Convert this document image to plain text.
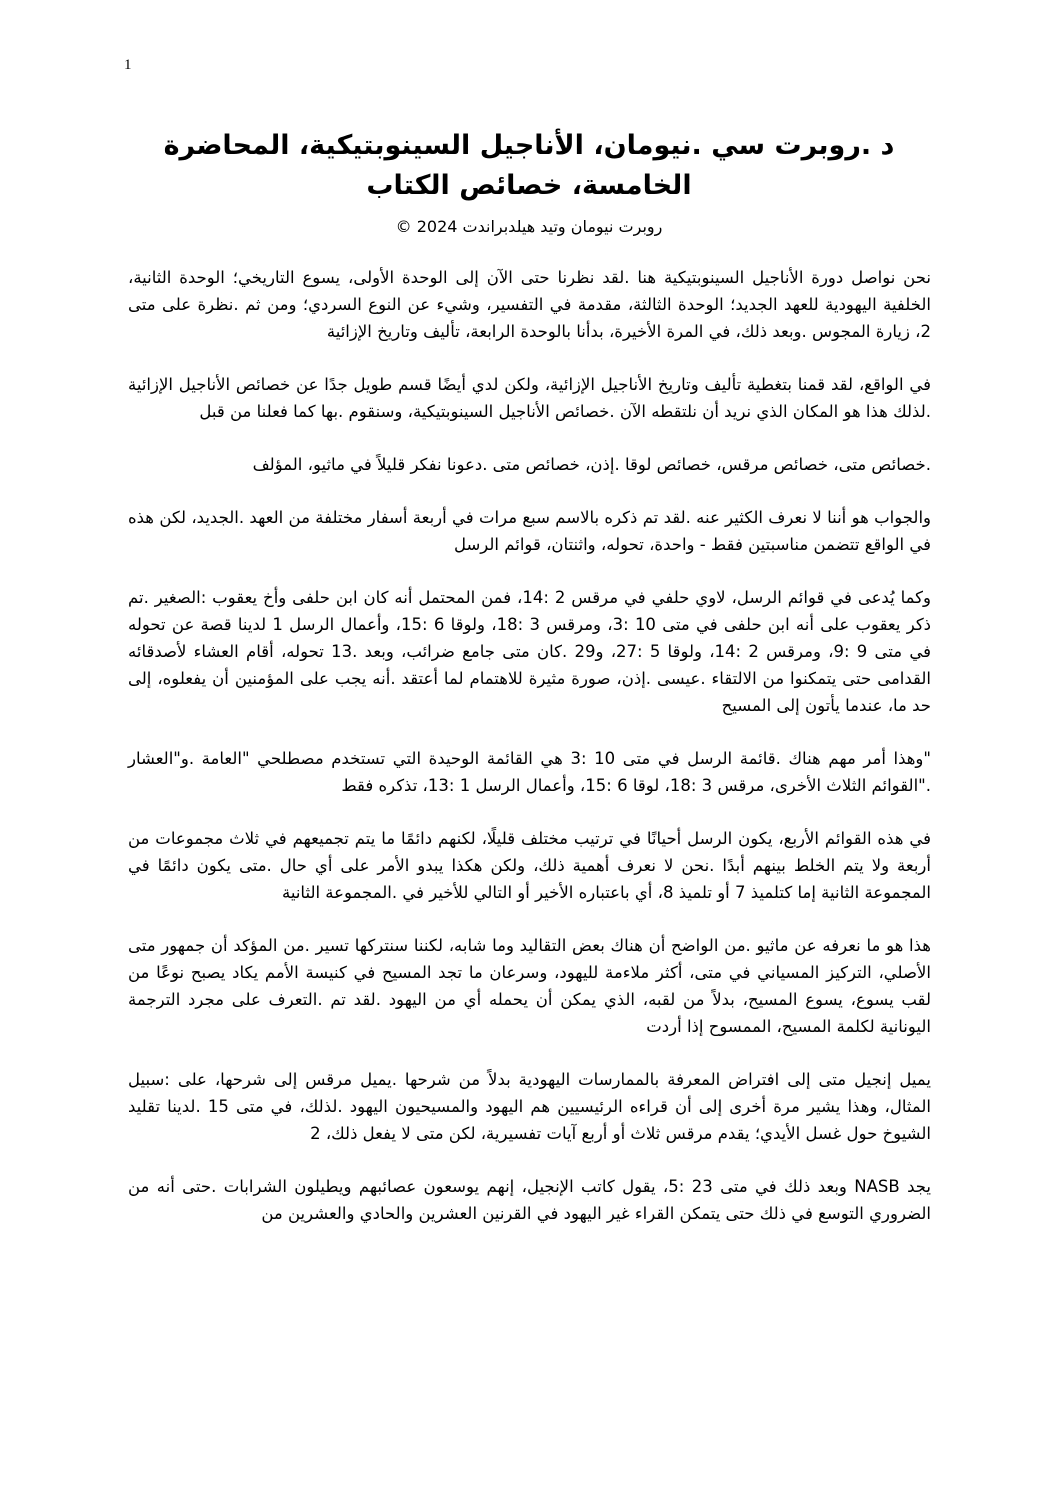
1
د .روبرت سي .نيومان، الأناجيل السينوبتيكية، المحاضرة
الخامسة، خصائص الكتاب
روبرت نيومان وتيد هيلدبراندت 2024 ©

نحن نواصل دورة الأناجيل السينوبتيكية هنا .لقد نظرنا حتى الآن إلى الوحدة الأولى، يسوع التاريخي؛ الوحدة الثانية، الخلفية اليهودية للعهد الجديد؛ الوحدة الثالثة، مقدمة في التفسير، وشيء عن النوع السردي؛ ومن ثم .نظرة على متى 2، زيارة المجوس .وبعد ذلك، في المرة الأخيرة، بدأنا بالوحدة الرابعة، تأليف وتاريخ الإزائية

في الواقع، لقد قمنا بتغطية تأليف وتاريخ الأناجيل الإزائية، ولكن لدي أيضًا قسم طويل جدًا عن خصائص الأناجيل الإزائية .لذلك هذا هو المكان الذي نريد أن نلتقطه الآن .خصائص الأناجيل السينوبتيكية، وسنقوم .بها كما فعلنا من قبل

.خصائص متى، خصائص مرقس، خصائص لوقا .إذن، خصائص متى .دعونا نفكر قليلاً في ماثيو، المؤلف

والجواب هو أننا لا نعرف الكثير عنه .لقد تم ذكره بالاسم سبع مرات في أربعة أسفار مختلفة من العهد .الجديد، لكن هذه في الواقع تتضمن مناسبتين فقط - واحدة، تحوله، واثنتان، قوائم الرسل

وكما يُدعى في قوائم الرسل، لاوي حلفي في مرقس 2 :14، فمن المحتمل أنه كان ابن حلفى وأخ يعقوب :الصغير .تم ذكر يعقوب على أنه ابن حلفى في متى 10 :3، ومرقس 3 :18، ولوقا 6 :15، وأعمال الرسل 1 لدينا قصة عن تحوله في متى 9 :9، ومرقس 2 :14، ولوقا 5 :27، و29 .كان متى جامع ضرائب، وبعد .13 تحوله، أقام العشاء لأصدقائه القدامى حتى يتمكنوا من الالتقاء .عيسى .إذن، صورة مثيرة للاهتمام لما أعتقد .أنه يجب على المؤمنين أن يفعلوه، إلى حد ما، عندما يأتون إلى المسيح

"وهذا أمر مهم هناك .قائمة الرسل في متى 10 :3 هي القائمة الوحيدة التي تستخدم مصطلحي "العامة .و"العشار ."القوائم الثلاث الأخرى، مرقس 3 :18، لوقا 6 :15، وأعمال الرسل 1 :13، تذكره فقط

في هذه القوائم الأربع، يكون الرسل أحيانًا في ترتيب مختلف قليلًا، لكنهم دائمًا ما يتم تجميعهم في ثلاث مجموعات من أربعة ولا يتم الخلط بينهم أبدًا .نحن لا نعرف أهمية ذلك، ولكن هكذا يبدو الأمر على أي حال .متى يكون دائمًا في المجموعة الثانية إما كتلميذ 7 أو تلميذ 8، أي باعتباره الأخير أو التالي للأخير في .المجموعة الثانية

هذا هو ما نعرفه عن ماثيو .من الواضح أن هناك بعض التقاليد وما شابه، لكننا سنتركها تسير .من المؤكد أن جمهور متى الأصلي، التركيز المسياني في متى، أكثر ملاءمة لليهود، وسرعان ما تجد المسيح في كنيسة الأمم يكاد يصبح نوعًا من لقب يسوع، يسوع المسيح، بدلاً من لقبه، الذي يمكن أن يحمله أي من اليهود .لقد تم .التعرف على مجرد الترجمة اليونانية لكلمة المسيح، الممسوح إذا أردت

يميل إنجيل متى إلى افتراض المعرفة بالممارسات اليهودية بدلاً من شرحها .يميل مرقس إلى شرحها، على :سبيل المثال، وهذا يشير مرة أخرى إلى أن قراءه الرئيسيين هم اليهود والمسيحيون اليهود .لذلك، في متى 15 .لدينا تقليد الشيوخ حول غسل الأيدي؛ يقدم مرقس ثلاث أو أربع آيات تفسيرية، لكن متى لا يفعل ذلك، 2

يجد NASB وبعد ذلك في متى 23 :5، يقول كاتب الإنجيل، إنهم يوسعون عصائبهم ويطيلون الشرابات .حتى أنه من الضروري التوسع في ذلك حتى يتمكن القراء غير اليهود في القرنين العشرين والحادي والعشرين من
